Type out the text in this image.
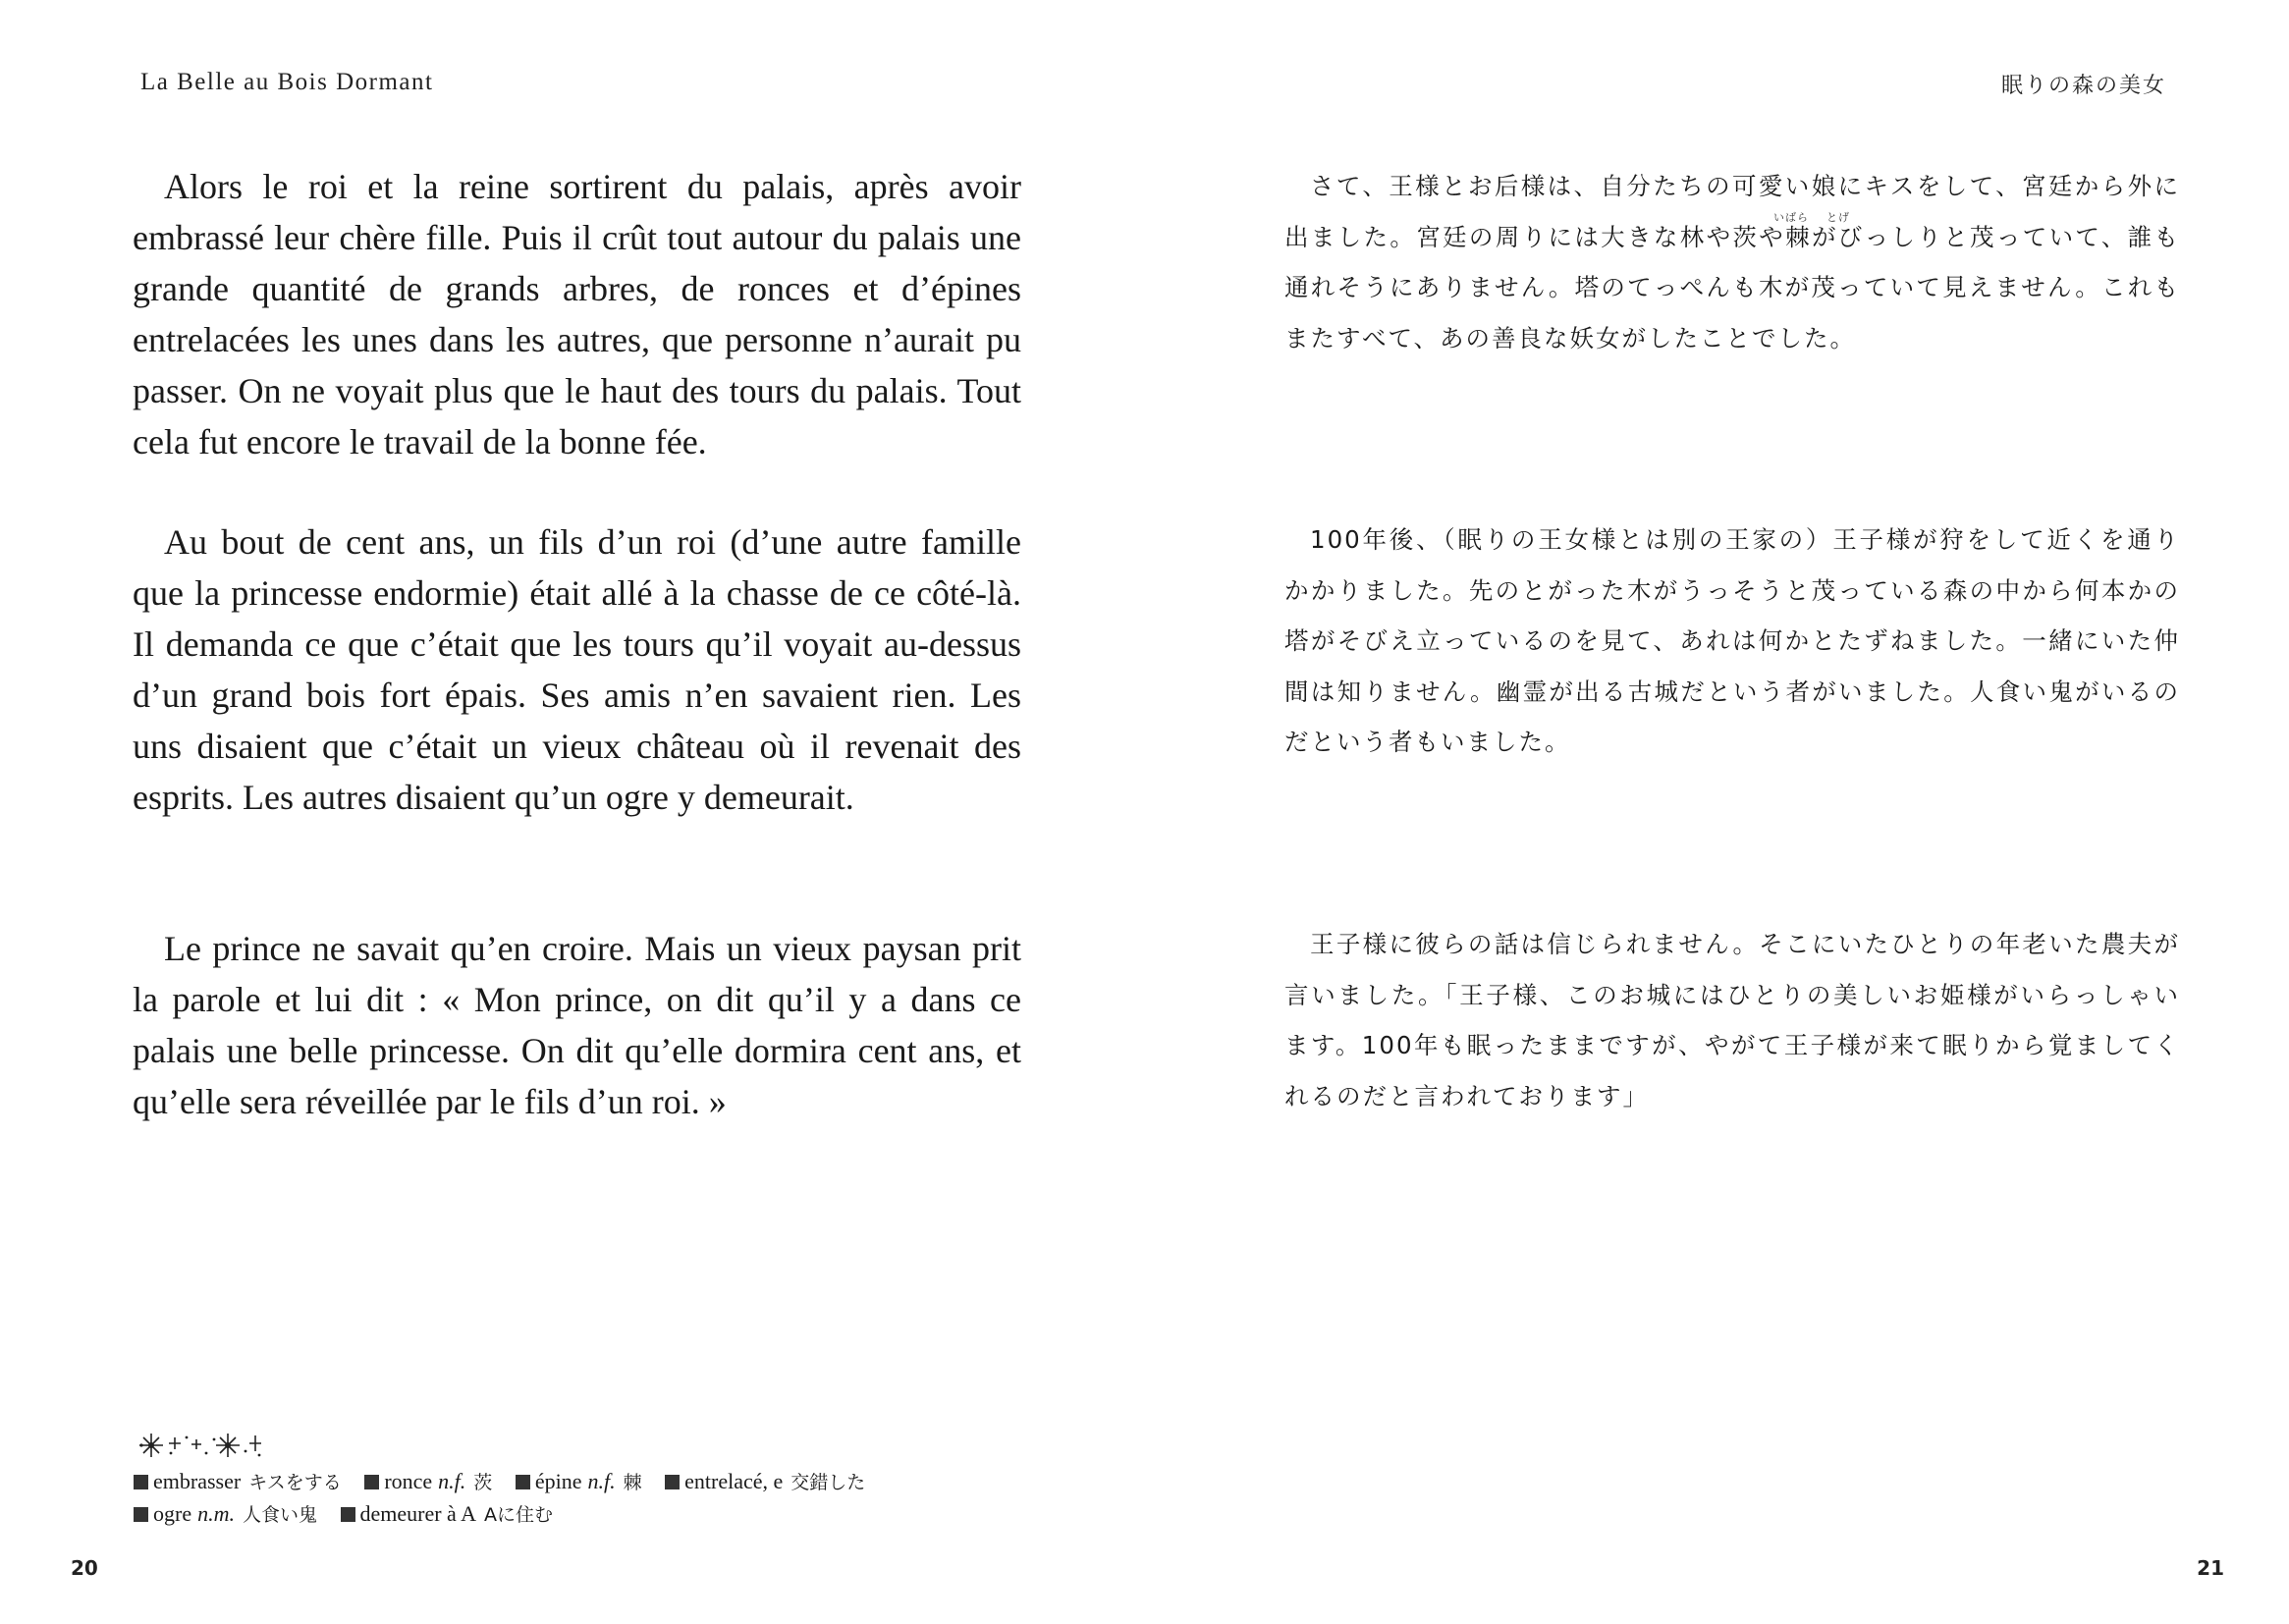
La Belle au Bois Dormant

Alors le roi et la reine sortirent du palais, après avoir embrassé leur chère fille. Puis il crût tout autour du palais une grande quantité de grands arbres, de ronces et d’épines entrelacées les unes dans les autres, que personne n’aurait pu passer. On ne voyait plus que le haut des tours du palais. Tout cela fut encore le travail de la bonne fée.

Au bout de cent ans, un fils d’un roi (d’une autre famille que la princesse endormie) était allé à la chasse de ce côté-là. Il demanda ce que c’était que les tours qu’il voyait au-dessus d’un grand bois fort épais. Ses amis n’en savaient rien. Les uns disaient que c’était un vieux château où il revenait des esprits. Les autres disaient qu’un ogre y demeurait.

Le prince ne savait qu’en croire. Mais un vieux paysan prit la parole et lui dit : « Mon prince, on dit qu’il y a dans ce palais une belle princesse. On dit qu’elle dormira cent ans, et qu’elle sera réveillée par le fils d’un roi. »

embrasser キスをする ronce n.f. 茨 épine n.f. 棘 entrelacé, e 交錯した
ogre n.m. 人食い鬼 demeurer à A Aに住む
20
眠りの森の美女
いばら とげ

さて、王様とお后様は、自分たちの可愛い娘にキスをして、宮廷から外に出ました。宮廷の周りには大きな林や茨や棘がびっしりと茂っていて、誰も通れそうにありません。塔のてっぺんも木が茂っていて見えません。これもまたすべて、あの善良な妖女がしたことでした。

100年後、（眠りの王女様とは別の王家の）王子様が狩をして近くを通りかかりました。先のとがった木がうっそうと茂っている森の中から何本かの塔がそびえ立っているのを見て、あれは何かとたずねました。一緒にいた仲間は知りません。幽霊が出る古城だという者がいました。人食い鬼がいるのだという者もいました。

王子様に彼らの話は信じられません。そこにいたひとりの年老いた農夫が言いました。「王子様、このお城にはひとりの美しいお姫様がいらっしゃいます。100年も眠ったままですが、やがて王子様が来て眠りから覚ましてくれるのだと言われております」

21
